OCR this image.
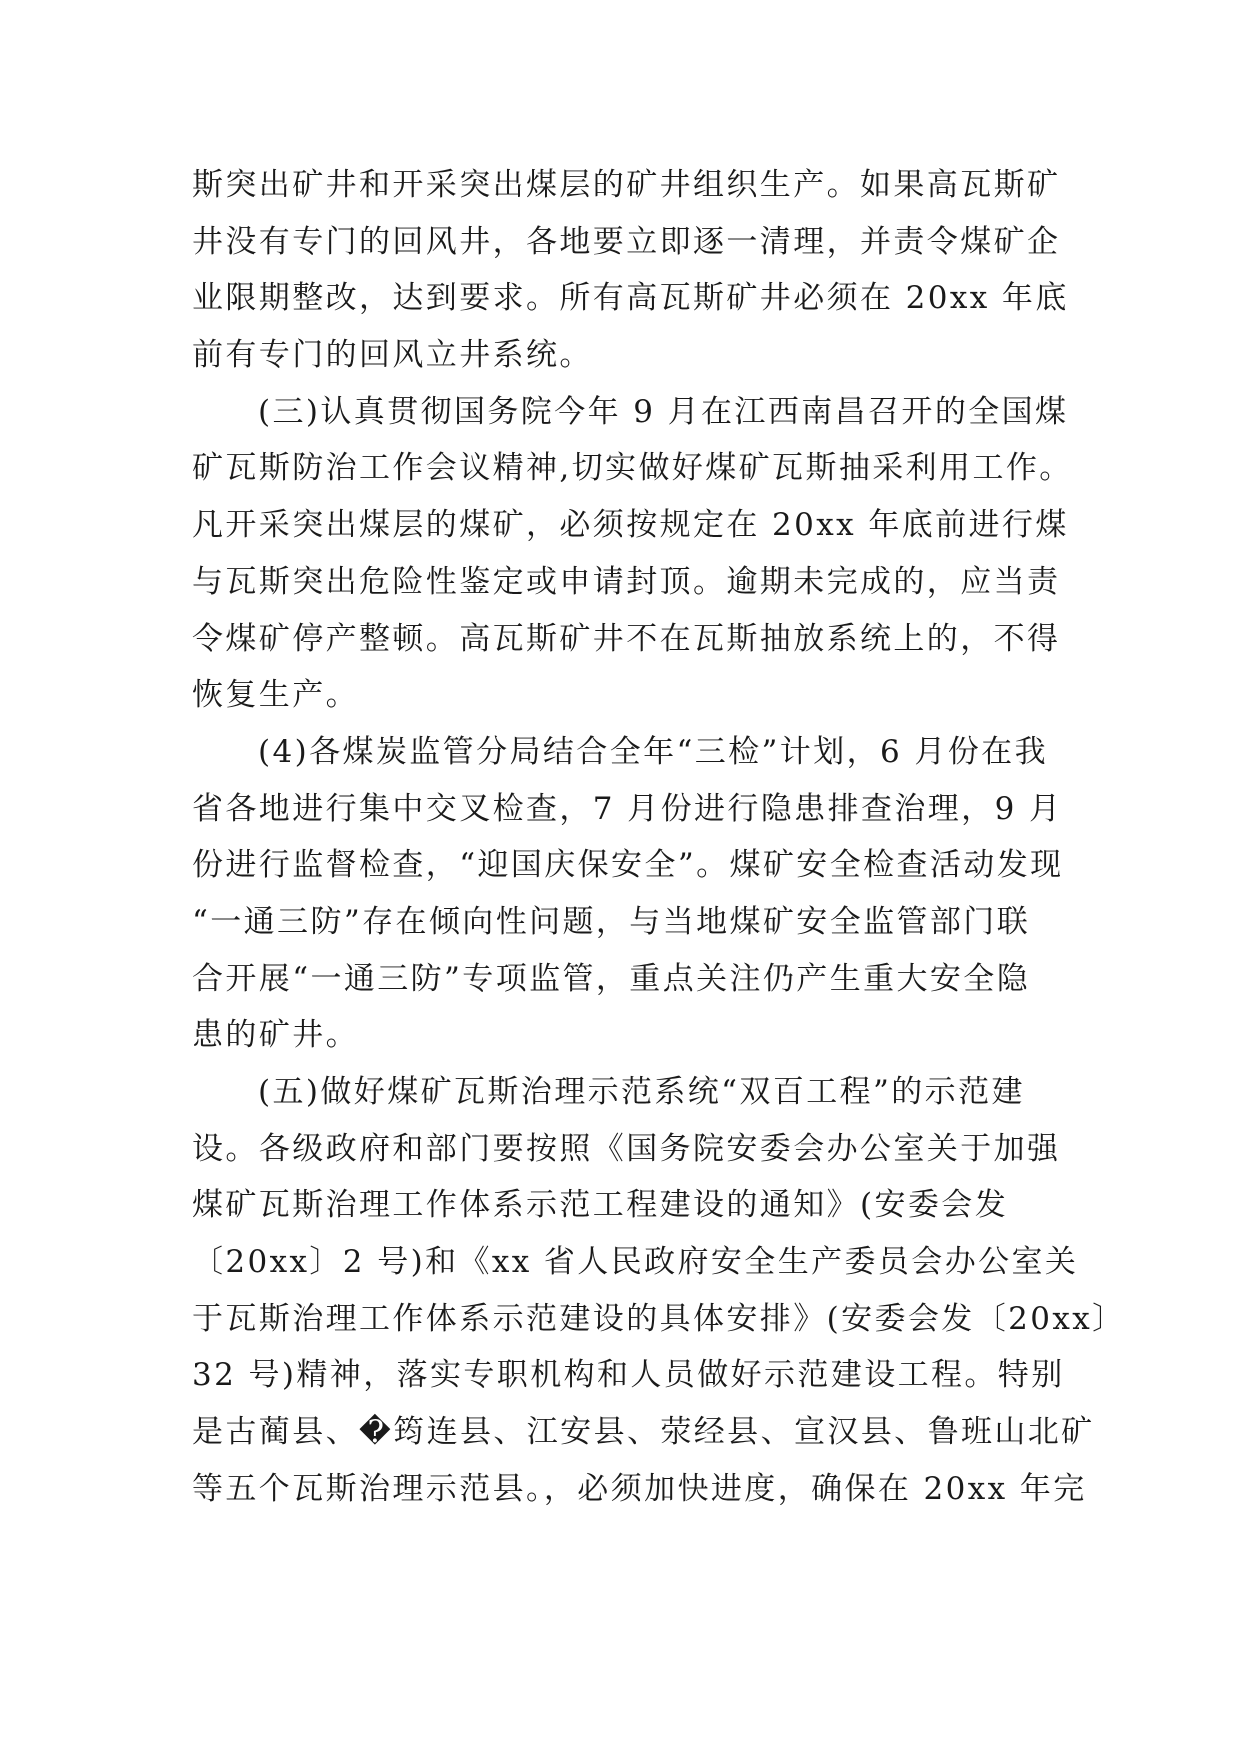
斯突出矿井和开采突出煤层的矿井组织生产。如果高瓦斯矿
井没有专门的回风井，各地要立即逐一清理，并责令煤矿企
业限期整改，达到要求。所有高瓦斯矿井必须在 20xx 年底
前有专门的回风立井系统。
(三)认真贯彻国务院今年 9 月在江西南昌召开的全国煤
矿瓦斯防治工作会议精神,切实做好煤矿瓦斯抽采利用工作。
凡开采突出煤层的煤矿，必须按规定在 20xx 年底前进行煤
与瓦斯突出危险性鉴定或申请封顶。逾期未完成的，应当责
令煤矿停产整顿。高瓦斯矿井不在瓦斯抽放系统上的，不得
恢复生产。
(4)各煤炭监管分局结合全年“三检”计划，6 月份在我
省各地进行集中交叉检查，7 月份进行隐患排查治理，9 月
份进行监督检查，“迎国庆保安全”。煤矿安全检查活动发现
“一通三防”存在倾向性问题，与当地煤矿安全监管部门联
合开展“一通三防”专项监管，重点关注仍产生重大安全隐
患的矿井。
(五)做好煤矿瓦斯治理示范系统“双百工程”的示范建
设。各级政府和部门要按照《国务院安委会办公室关于加强
煤矿瓦斯治理工作体系示范工程建设的通知》(安委会发
〔20xx〕2 号)和《xx 省人民政府安全生产委员会办公室关
于瓦斯治理工作体系示范建设的具体安排》(安委会发〔20xx〕
32 号)精神，落实专职机构和人员做好示范建设工程。特别
是古蔺县、�筠连县、江安县、荥经县、宣汉县、鲁班山北矿
等五个瓦斯治理示范县。，必须加快进度，确保在 20xx 年完
